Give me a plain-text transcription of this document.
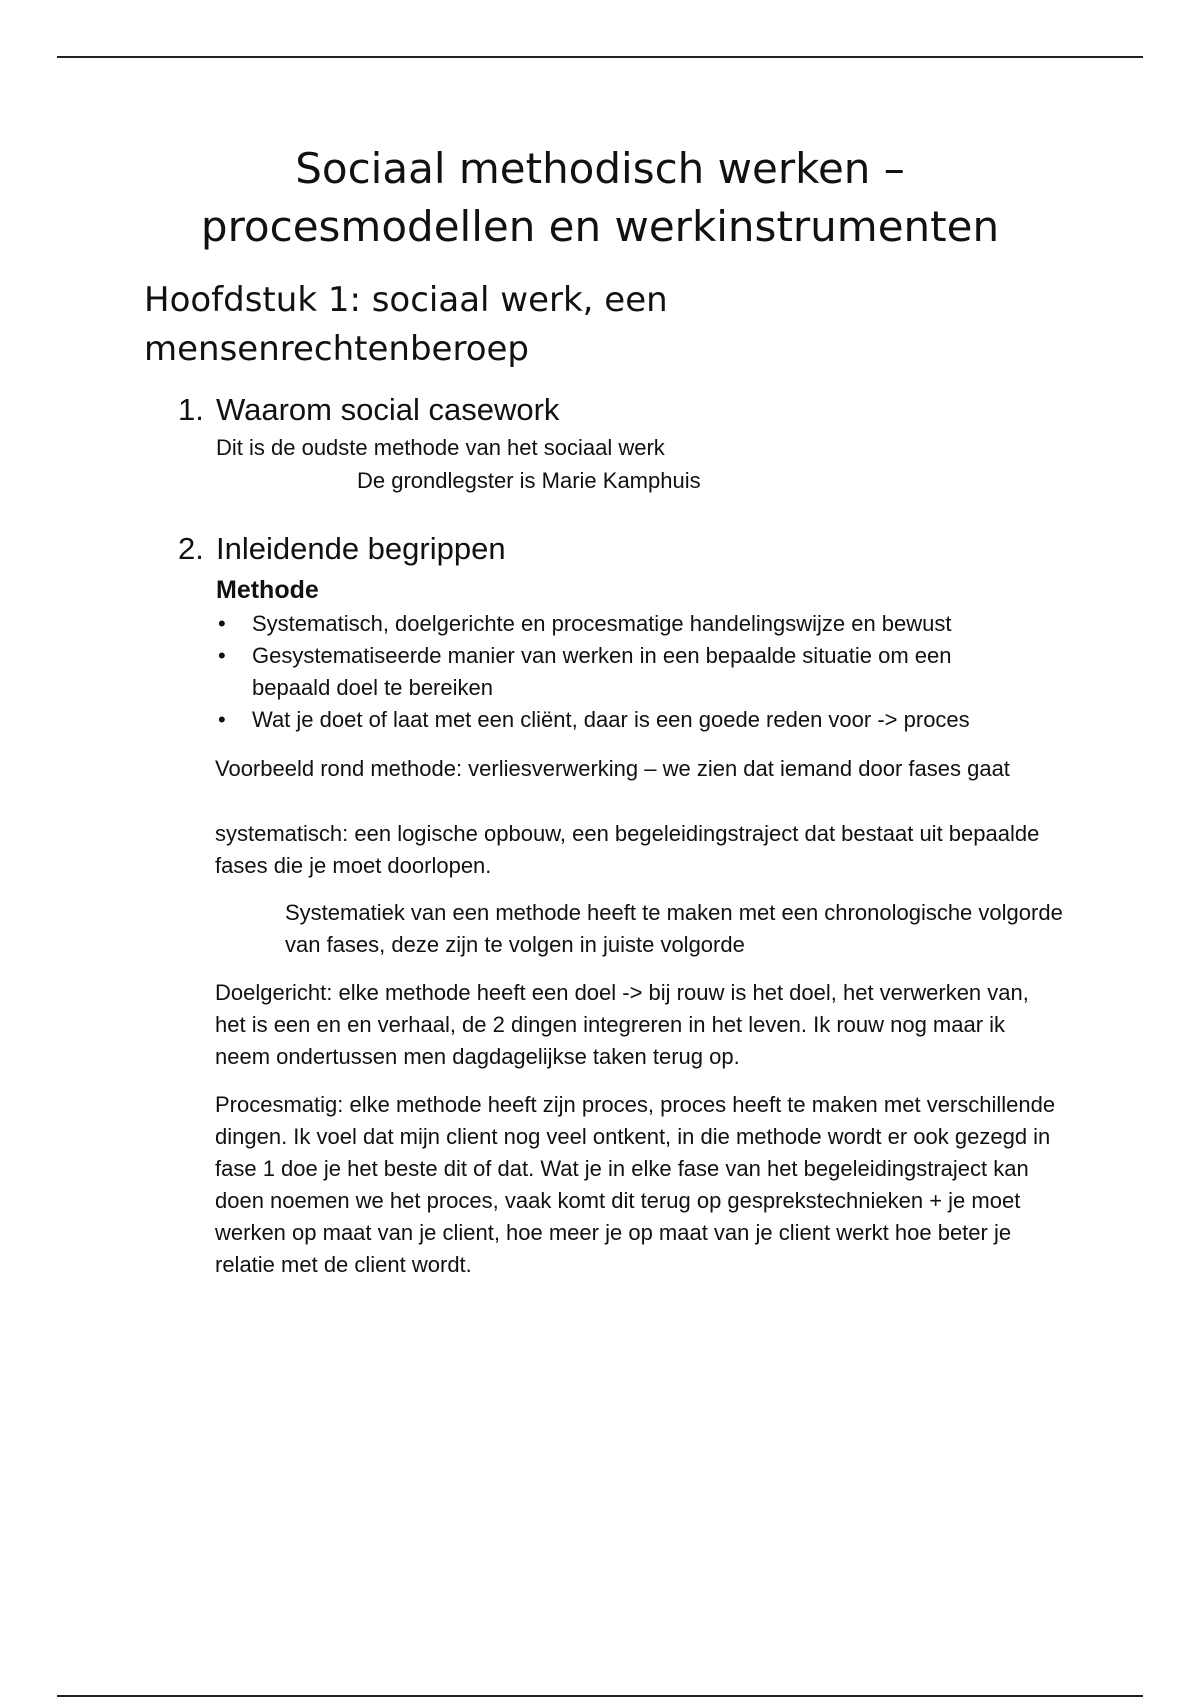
Sociaal methodisch werken –
procesmodellen en werkinstrumenten
Hoofdstuk 1: sociaal werk, een
mensenrechtenberoep
1. Waarom social casework

Dit is de oudste methode van het sociaal werk

De grondlegster is Marie Kamphuis

2. Inleidende begrippen
Methode
• Systematisch, doelgerichte en procesmatige handelingswijze en bewust
• Gesystematiseerde manier van werken in een bepaalde situatie om een
bepaald doel te bereiken
• Wat je doet of laat met een cliënt, daar is een goede reden voor -> proces

Voorbeeld rond methode: verliesverwerking – we zien dat iemand door fases gaat

systematisch: een logische opbouw, een begeleidingstraject dat bestaat uit bepaalde fases die je moet doorlopen.

Systematiek van een methode heeft te maken met een chronologische volgorde van fases, deze zijn te volgen in juiste volgorde

Doelgericht: elke methode heeft een doel -> bij rouw is het doel, het verwerken van, het is een en en verhaal, de 2 dingen integreren in het leven. Ik rouw nog maar ik neem ondertussen men dagdagelijkse taken terug op.

Procesmatig: elke methode heeft zijn proces, proces heeft te maken met verschillende dingen. Ik voel dat mijn client nog veel ontkent, in die methode wordt er ook gezegd in fase 1 doe je het beste dit of dat. Wat je in elke fase van het begeleidingstraject kan doen noemen we het proces, vaak komt dit terug op gesprekstechnieken + je moet werken op maat van je client, hoe meer je op maat van je client werkt hoe beter je relatie met de client wordt.
